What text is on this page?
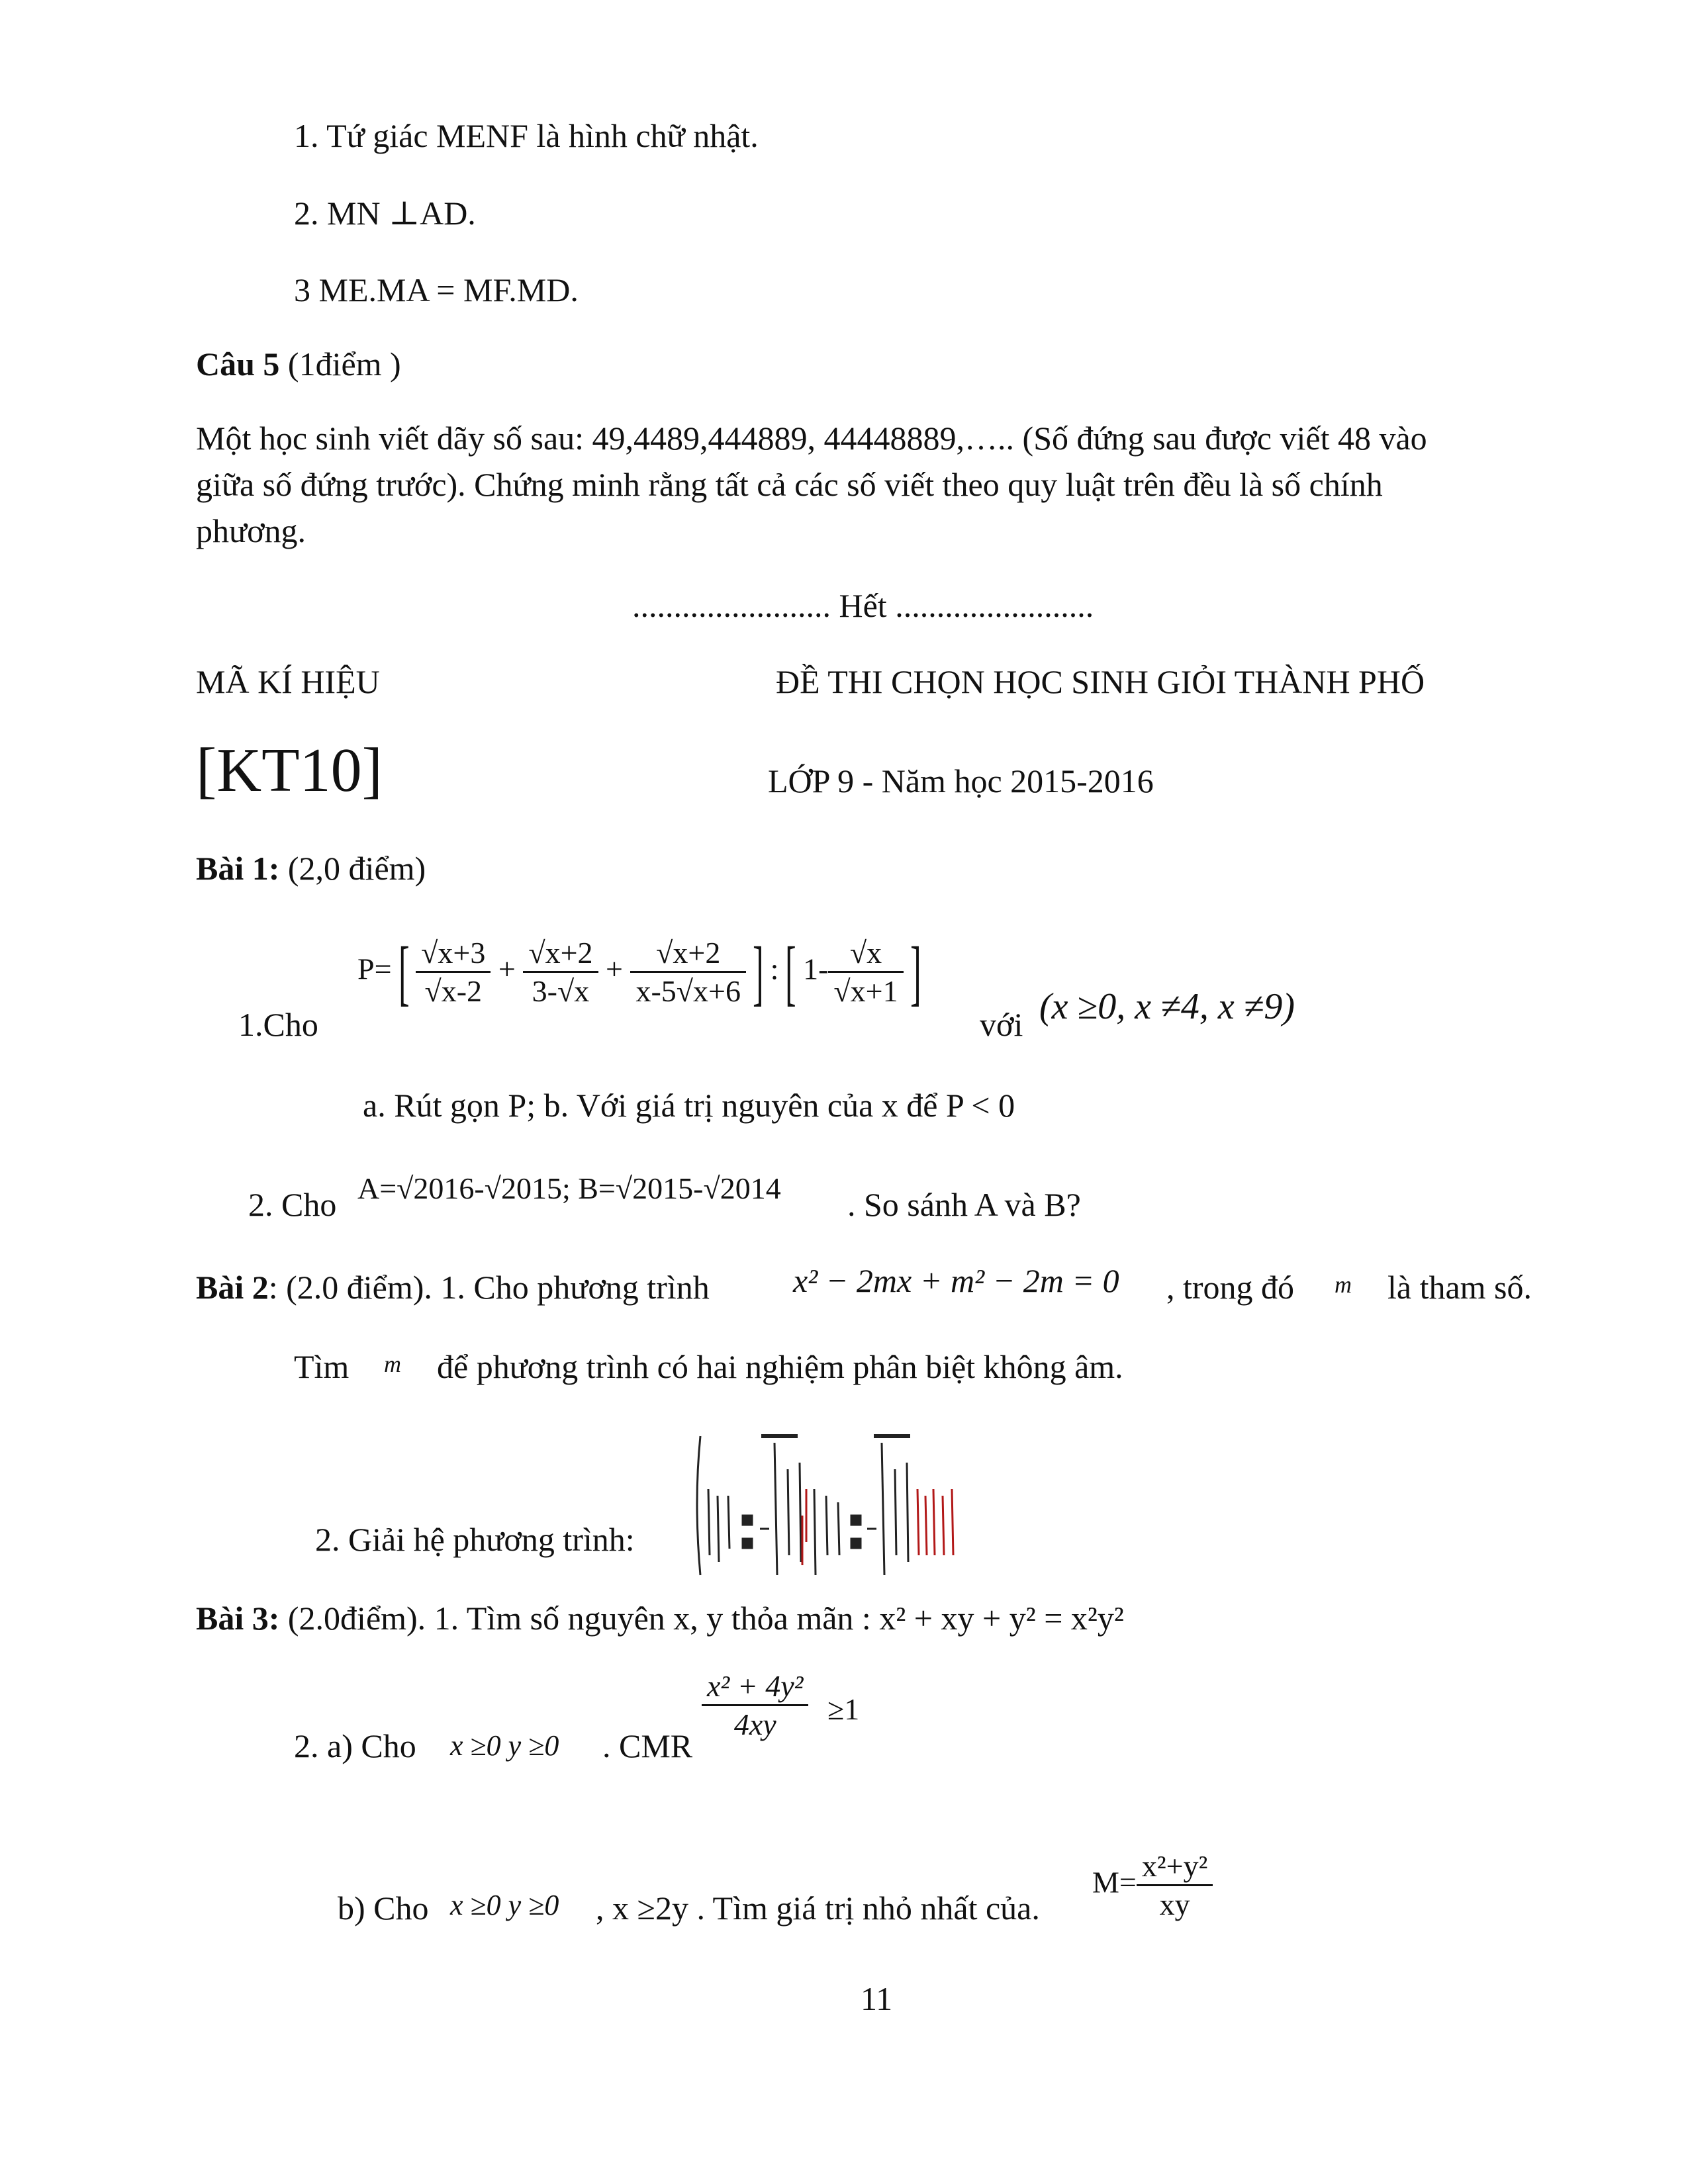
1. Tứ giác MENF là hình chữ nhật.
2. MN ⊥AD.
3 ME.MA = MF.MD.
Câu 5 (1điểm )
Một học sinh viết dãy số sau: 49,4489,444889, 44448889,….. (Số đứng sau được viết 48 vào
giữa số đứng trước). Chứng minh rằng tất cả các số viết theo quy luật trên đều là số chính
phương.
........................ Hết ........................
MÃ KÍ HIỆU	ĐỀ THI CHỌN HỌC SINH GIỎI THÀNH PHỐ
[KT10]	LỚP 9 - Năm học 2015-2016
Bài 1: (2,0 điểm)
1.Cho
$P=[ \frac{√x+3}{√x-2} + \frac{√x+2}{3-√x} + \frac{√x+2}{x-5√x+6}$ ] :[ $1- \frac{√x}{√x+1}$ ]
với (x ≥0, x ≠4, x ≠9)
a. Rút gọn P; b. Với giá trị nguyên của x để P < 0
2. Cho A=√2016-√2015; B=√2015-√2014 . So sánh A và B?
Bài 2: (2.0 điểm). 1. Cho phương trình	x² − 2mx + m² − 2m = 0 , trong đó m là tham số.
Tìm m để phương trình có hai nghiệm phân biệt không âm.
2. Giải hệ phương trình:
Bài 3: (2.0điểm). 1. Tìm số nguyên x, y thỏa mãn : x² + xy + y² = x²y²
2. a) Cho x ≥0 y ≥0 . CMR
$\frac{\text{x² + 4y²}}{4xy} \ge 1$
b) Cho x ≥0 y ≥0 , x ≥2y . Tìm giá trị nhỏ nhất của.
$M= \frac{\text{x²+y²}}{xy}$
11
